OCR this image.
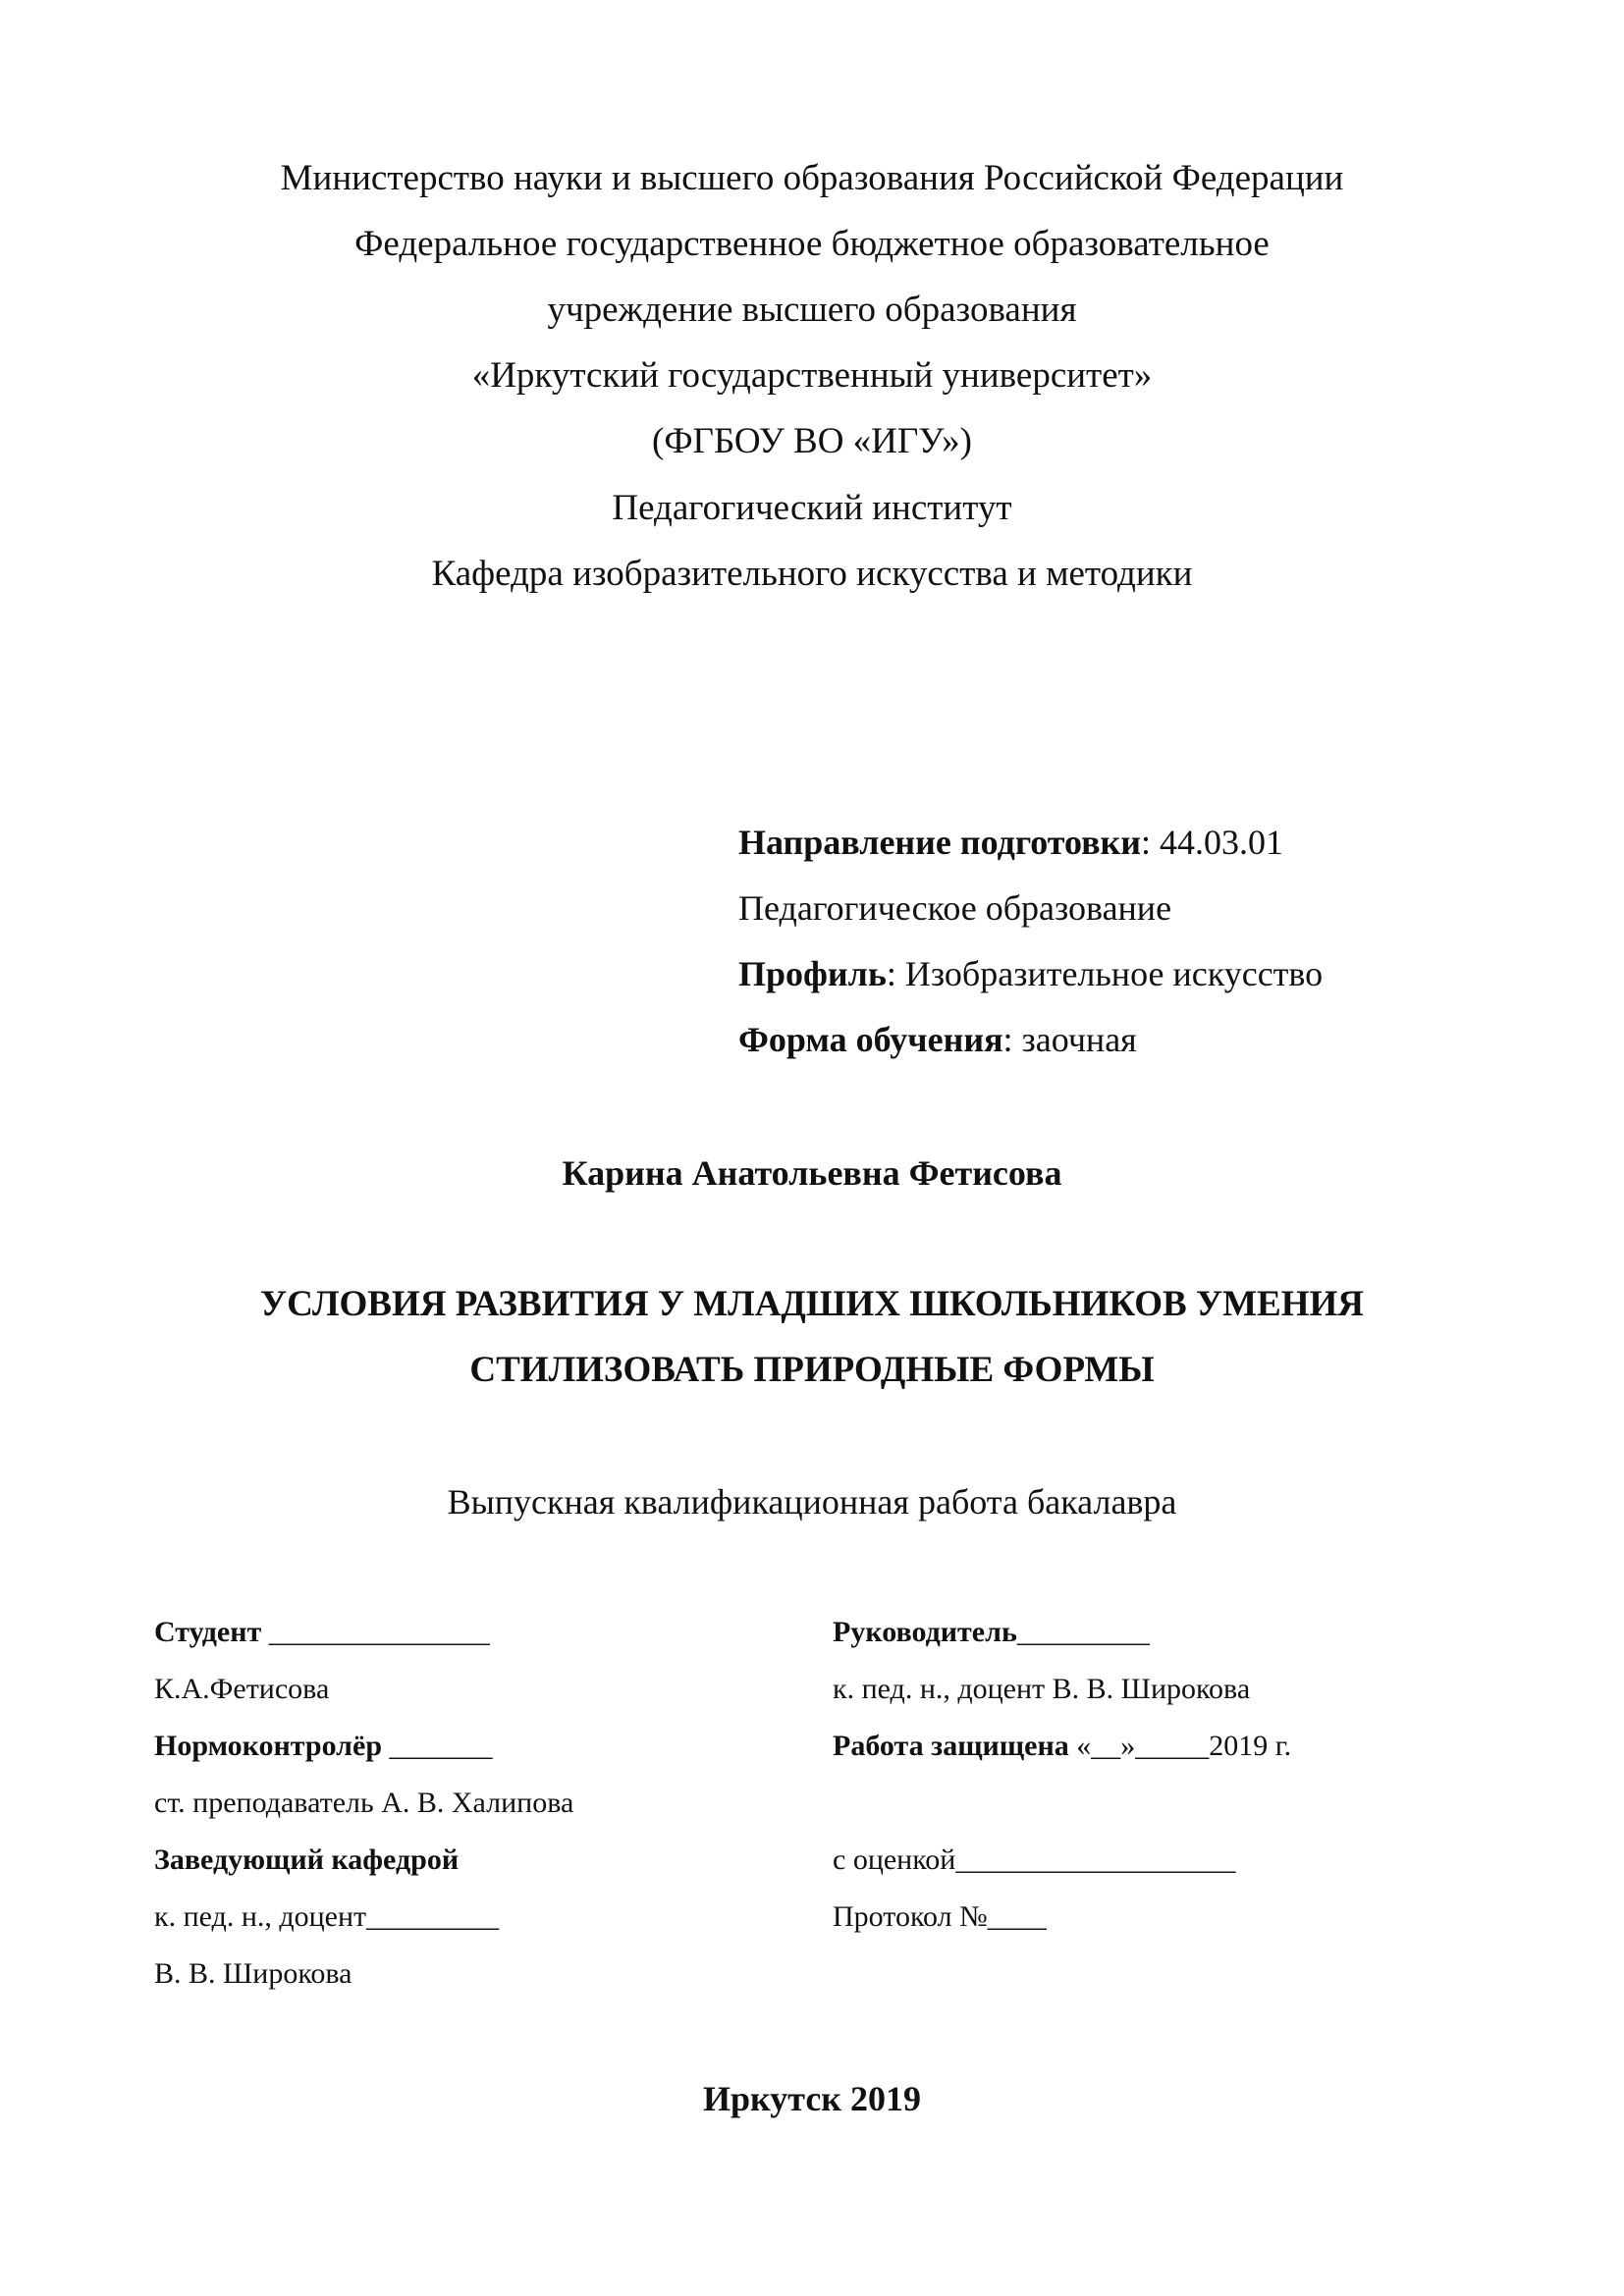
Министерство науки и высшего образования Российской Федерации
Федеральное государственное бюджетное образовательное
учреждение высшего образования
«Иркутский государственный университет»
(ФГБОУ ВО «ИГУ»)
Педагогический институт
Кафедра изобразительного искусства и методики
Направление подготовки: 44.03.01
Педагогическое образование
Профиль: Изобразительное искусство
Форма обучения: заочная
Карина Анатольевна Фетисова
УСЛОВИЯ РАЗВИТИЯ У МЛАДШИХ ШКОЛЬНИКОВ УМЕНИЯ
СТИЛИЗОВАТЬ ПРИРОДНЫЕ ФОРМЫ
Выпускная квалификационная работа бакалавра
Студент _______________
К.А.Фетисова
Нормоконтролёр _______
ст. преподаватель А. В. Халипова
Заведующий кафедрой
к. пед. н., доцент_________
В. В. Широкова
Руководитель_________
к. пед. н., доцент В. В. Широкова
Работа защищена «__»_____2019 г.
с оценкой___________________
Протокол №____
Иркутск 2019
